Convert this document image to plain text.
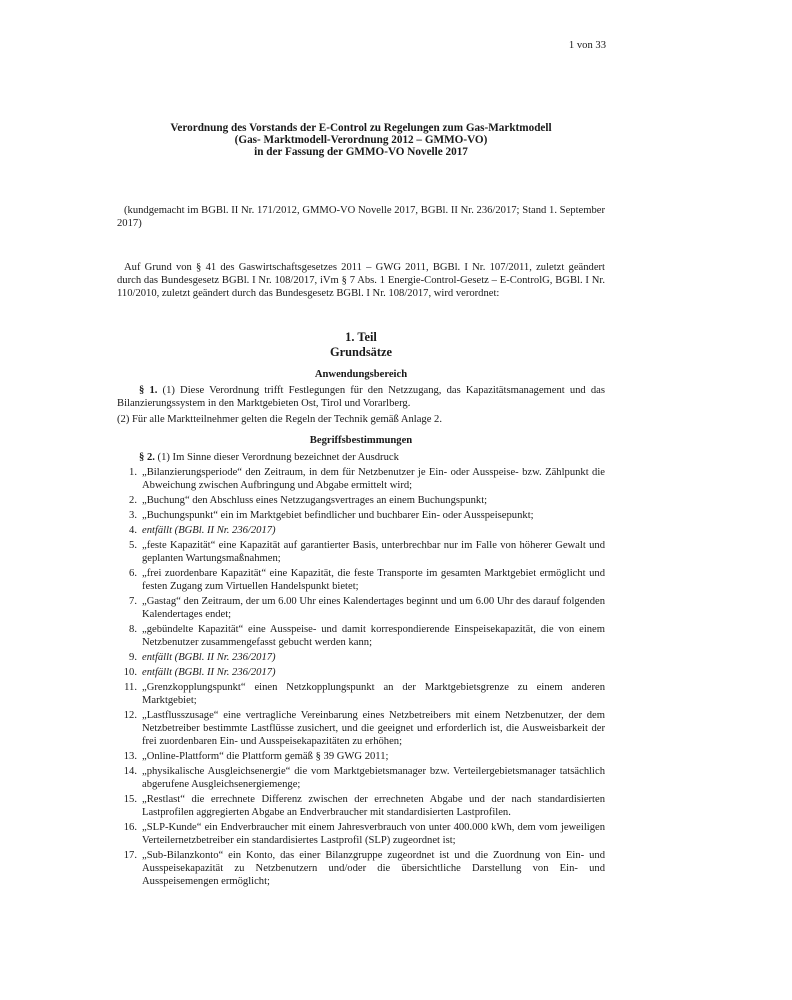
1 von 33

Verordnung des Vorstands der E-Control zu Regelungen zum Gas-Marktmodell

(Gas- Marktmodell-Verordnung 2012 – GMMO-VO)

in der Fassung der GMMO-VO Novelle 2017

(kundgemacht im BGBl. II Nr. 171/2012, GMMO-VO Novelle 2017, BGBl. II Nr. 236/2017; Stand 1. September 2017)

Auf Grund von § 41 des Gaswirtschaftsgesetzes 2011 – GWG 2011, BGBl. I Nr. 107/2011, zuletzt geändert durch das Bundesgesetz BGBl. I Nr. 108/2017, iVm § 7 Abs. 1 Energie-Control-Gesetz – E-ControlG, BGBl. I Nr. 110/2010, zuletzt geändert durch das Bundesgesetz BGBl. I Nr. 108/2017, wird verordnet:

1. Teil

Grundsätze

Anwendungsbereich

§ 1. (1) Diese Verordnung trifft Festlegungen für den Netzzugang, das Kapazitätsmanagement und das Bilanzierungssystem in den Marktgebieten Ost, Tirol und Vorarlberg.

(2) Für alle Marktteilnehmer gelten die Regeln der Technik gemäß Anlage 2.

Begriffsbestimmungen

§ 2. (1) Im Sinne dieser Verordnung bezeichnet der Ausdruck

1. „Bilanzierungsperiode“ den Zeitraum, in dem für Netzbenutzer je Ein- oder Ausspeise- bzw. Zählpunkt die Abweichung zwischen Aufbringung und Abgabe ermittelt wird;
2. „Buchung“ den Abschluss eines Netzzugangsvertrages an einem Buchungspunkt;
3. „Buchungspunkt“ ein im Marktgebiet befindlicher und buchbarer Ein- oder Ausspeisepunkt;
4. entfällt (BGBl. II Nr. 236/2017)
5. „feste Kapazität“ eine Kapazität auf garantierter Basis, unterbrechbar nur im Falle von höherer Gewalt und geplanten Wartungsmaßnahmen;
6. „frei zuordenbare Kapazität“ eine Kapazität, die feste Transporte im gesamten Marktgebiet ermöglicht und festen Zugang zum Virtuellen Handelspunkt bietet;
7. „Gastag“ den Zeitraum, der um 6.00 Uhr eines Kalendertages beginnt und um 6.00 Uhr des darauf folgenden Kalendertages endet;
8. „gebündelte Kapazität“ eine Ausspeise- und damit korrespondierende Einspeisekapazität, die von einem Netzbenutzer zusammengefasst gebucht werden kann;
9. entfällt (BGBl. II Nr. 236/2017)
10. entfällt (BGBl. II Nr. 236/2017)
11. „Grenzkopplungspunkt“ einen Netzkopplungspunkt an der Marktgebietsgrenze zu einem anderen Marktgebiet;
12. „Lastflusszusage“ eine vertragliche Vereinbarung eines Netzbetreibers mit einem Netzbenutzer, der dem Netzbetreiber bestimmte Lastflüsse zusichert, und die geeignet und erforderlich ist, die Ausweisbarkeit der frei zuordenbaren Ein- und Ausspeisekapazitäten zu erhöhen;
13. „Online-Plattform“ die Plattform gemäß § 39 GWG 2011;
14. „physikalische Ausgleichsenergie“ die vom Marktgebietsmanager bzw. Verteilergebietsmanager tatsächlich abgerufene Ausgleichsenergiemenge;
15. „Restlast“ die errechnete Differenz zwischen der errechneten Abgabe und der nach standardisierten Lastprofilen aggregierten Abgabe an Endverbraucher mit standardisierten Lastprofilen.
16. „SLP-Kunde“ ein Endverbraucher mit einem Jahresverbrauch von unter 400.000 kWh, dem vom jeweiligen Verteilernetzbetreiber ein standardisiertes Lastprofil (SLP) zugeordnet ist;
17. „Sub-Bilanzkonto“ ein Konto, das einer Bilanzgruppe zugeordnet ist und die Zuordnung von Ein- und Ausspeisekapazität zu Netzbenutzern und/oder die übersichtliche Darstellung von Ein- und Ausspeisemengen ermöglicht;
